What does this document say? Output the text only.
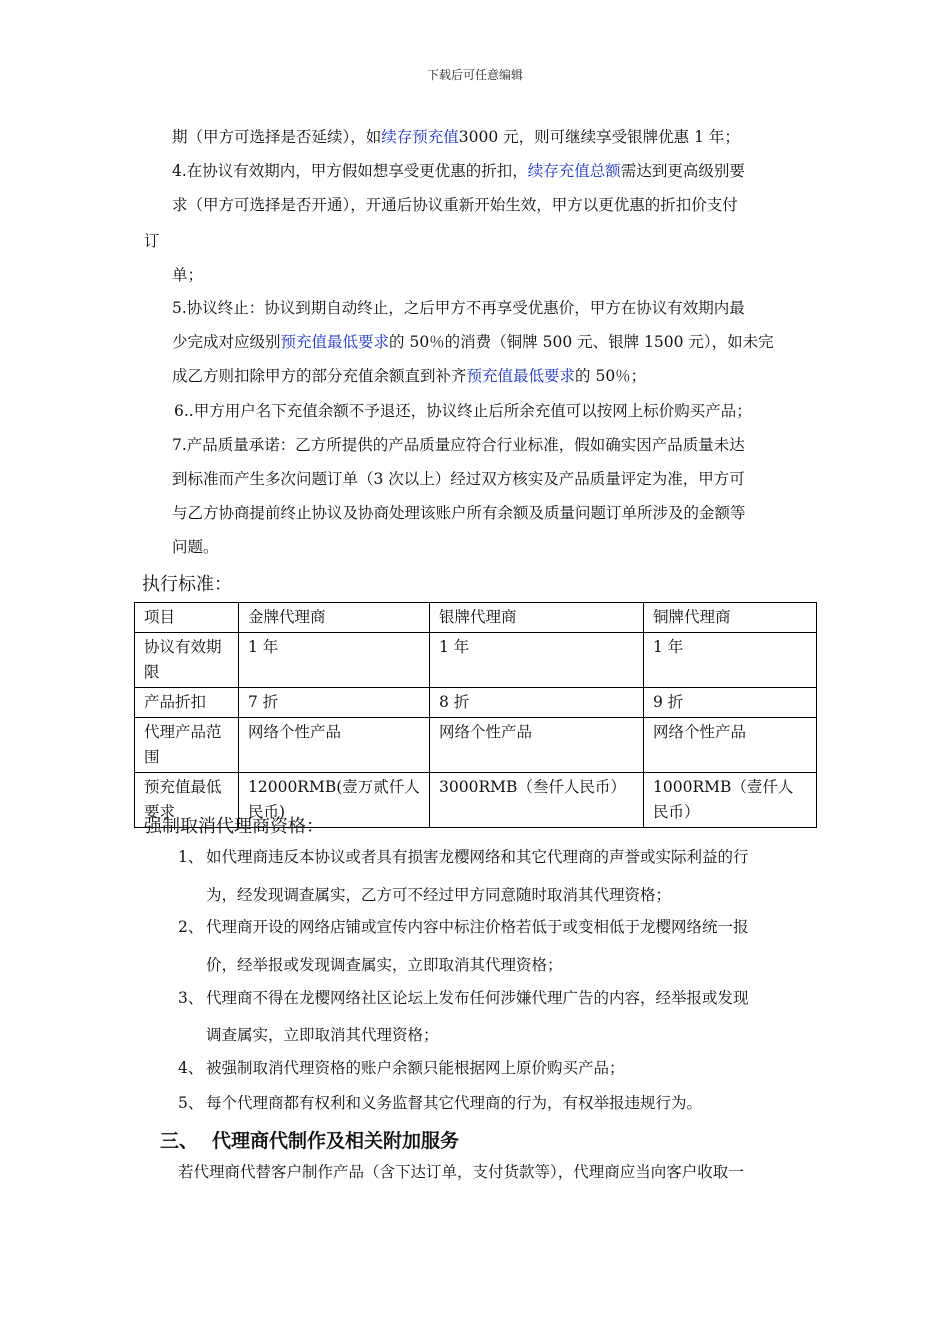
下载后可任意编辑
期（甲方可选择是否延续），如续存预充值3000 元，则可继续享受银牌优惠 1 年；
4.在协议有效期内，甲方假如想享受更优惠的折扣，续存充值总额需达到更高级别要
求（甲方可选择是否开通），开通后协议重新开始生效，甲方以更优惠的折扣价支付
订
单；
5.协议终止：协议到期自动终止，之后甲方不再享受优惠价，甲方在协议有效期内最
少完成对应级别预充值最低要求的 50％的消费（铜牌 500 元、银牌 1500 元），如未完
成乙方则扣除甲方的部分充值余额直到补齐预充值最低要求的 50％；
6..甲方用户名下充值余额不予退还，协议终止后所余充值可以按网上标价购买产品；
7.产品质量承诺：乙方所提供的产品质量应符合行业标准，假如确实因产品质量未达
到标准而产生多次问题订单（3 次以上）经过双方核实及产品质量评定为准，甲方可
与乙方协商提前终止协议及协商处理该账户所有余额及质量问题订单所涉及的金额等
问题。
执行标准：
项目	金牌代理商	银牌代理商	铜牌代理商
协议有效期限	1 年	1 年	1 年
产品折扣	7 折	8 折	9 折
代理产品范围	网络个性产品	网络个性产品	网络个性产品
预充值最低要求	12000RMB(壹万贰仟人民币)	3000RMB（叁仟人民币）	1000RMB（壹仟人民币）
强制取消代理商资格：
1、 如代理商违反本协议或者具有损害龙樱网络和其它代理商的声誉或实际利益的行
为，经发现调查属实，乙方可不经过甲方同意随时取消其代理资格；
2、 代理商开设的网络店铺或宣传内容中标注价格若低于或变相低于龙樱网络统一报
价，经举报或发现调查属实，立即取消其代理资格；
3、 代理商不得在龙樱网络社区论坛上发布任何涉嫌代理广告的内容，经举报或发现
调查属实，立即取消其代理资格；
4、 被强制取消代理资格的账户余额只能根据网上原价购买产品；
5、 每个代理商都有权利和义务监督其它代理商的行为，有权举报违规行为。
三、 代理商代制作及相关附加服务
若代理商代替客户制作产品（含下达订单，支付货款等），代理商应当向客户收取一
